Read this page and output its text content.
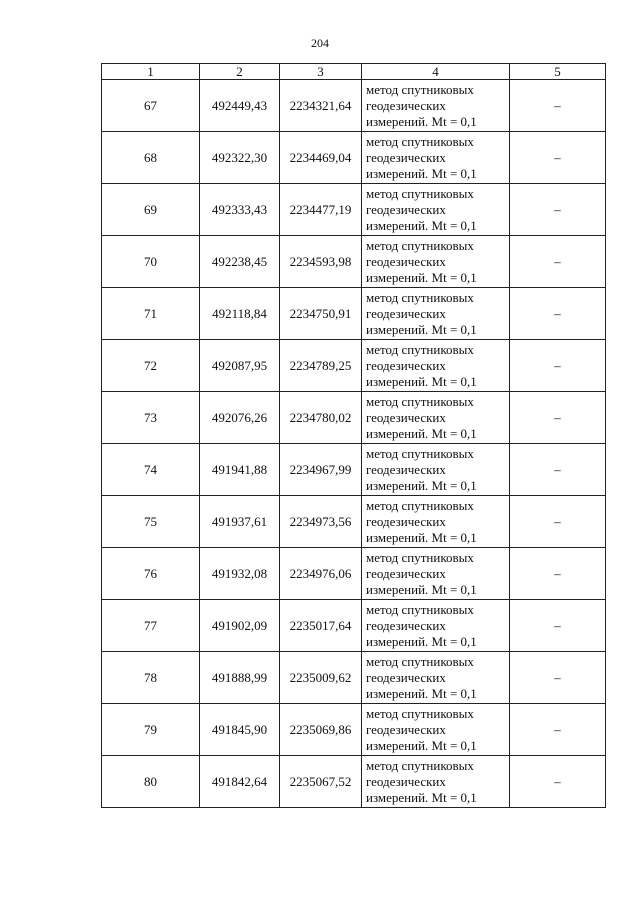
204
1	2	3	4	5
67	492449,43	2234321,64	метод спутниковых
геодезических
измерений. Mt = 0,1	–
68	492322,30	2234469,04	метод спутниковых
геодезических
измерений. Mt = 0,1	–
69	492333,43	2234477,19	метод спутниковых
геодезических
измерений. Mt = 0,1	–
70	492238,45	2234593,98	метод спутниковых
геодезических
измерений. Mt = 0,1	–
71	492118,84	2234750,91	метод спутниковых
геодезических
измерений. Mt = 0,1	–
72	492087,95	2234789,25	метод спутниковых
геодезических
измерений. Mt = 0,1	–
73	492076,26	2234780,02	метод спутниковых
геодезических
измерений. Mt = 0,1	–
74	491941,88	2234967,99	метод спутниковых
геодезических
измерений. Mt = 0,1	–
75	491937,61	2234973,56	метод спутниковых
геодезических
измерений. Mt = 0,1	–
76	491932,08	2234976,06	метод спутниковых
геодезических
измерений. Mt = 0,1	–
77	491902,09	2235017,64	метод спутниковых
геодезических
измерений. Mt = 0,1	–
78	491888,99	2235009,62	метод спутниковых
геодезических
измерений. Mt = 0,1	–
79	491845,90	2235069,86	метод спутниковых
геодезических
измерений. Mt = 0,1	–
80	491842,64	2235067,52	метод спутниковых
геодезических
измерений. Mt = 0,1	–
